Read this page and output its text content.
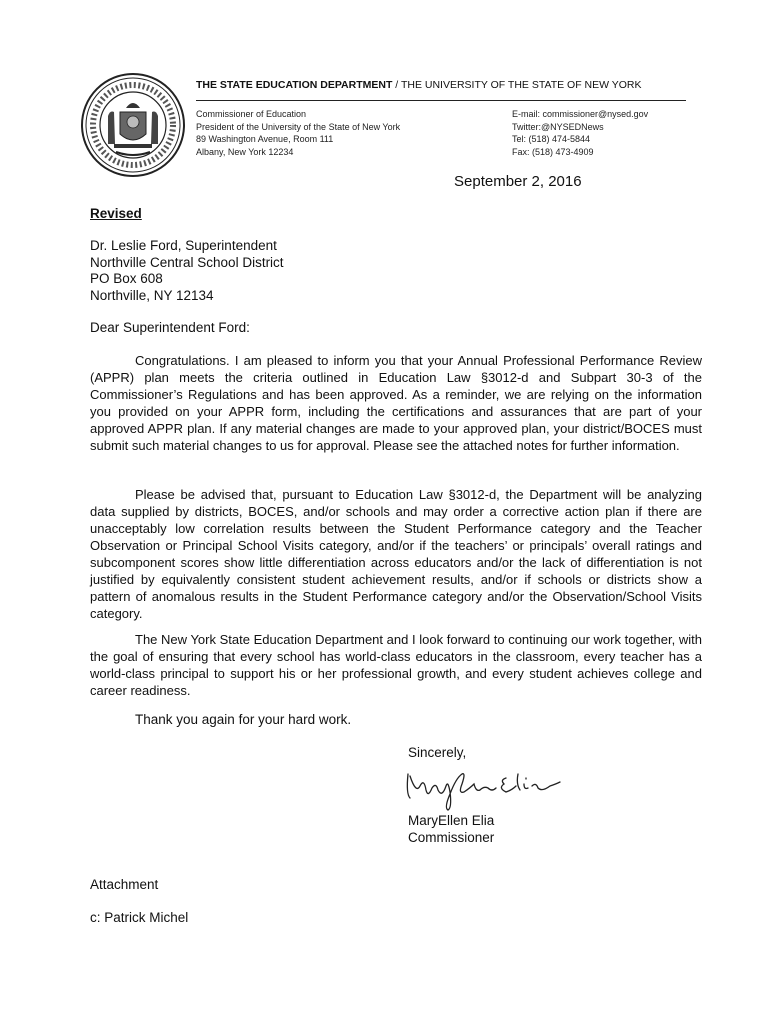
THE STATE EDUCATION DEPARTMENT / THE UNIVERSITY OF THE STATE OF NEW YORK
Commissioner of Education
President of the University of the State of New York
89 Washington Avenue, Room 111
Albany, New York 12234
E-mail: commissioner@nysed.gov
Twitter:@NYSEDNews
Tel: (518) 474-5844
Fax: (518) 473-4909
September 2, 2016
Revised
Dr. Leslie Ford, Superintendent
Northville Central School District
PO Box 608
Northville, NY 12134
Dear Superintendent Ford:

Congratulations. I am pleased to inform you that your Annual Professional Performance Review (APPR) plan meets the criteria outlined in Education Law §3012-d and Subpart 30-3 of the Commissioner’s Regulations and has been approved. As a reminder, we are relying on the information you provided on your APPR form, including the certifications and assurances that are part of your approved APPR plan. If any material changes are made to your approved plan, your district/BOCES must submit such material changes to us for approval. Please see the attached notes for further information.

Please be advised that, pursuant to Education Law §3012-d, the Department will be analyzing data supplied by districts, BOCES, and/or schools and may order a corrective action plan if there are unacceptably low correlation results between the Student Performance category and the Teacher Observation or Principal School Visits category, and/or if the teachers’ or principals’ overall ratings and subcomponent scores show little differentiation across educators and/or the lack of differentiation is not justified by equivalently consistent student achievement results, and/or if schools or districts show a pattern of anomalous results in the Student Performance category and/or the Observation/School Visits category.

The New York State Education Department and I look forward to continuing our work together, with the goal of ensuring that every school has world-class educators in the classroom, every teacher has a world-class principal to support his or her professional growth, and every student achieves college and career readiness.

Thank you again for your hard work.
Sincerely,
MaryEllen Elia
Commissioner
Attachment
c: Patrick Michel
